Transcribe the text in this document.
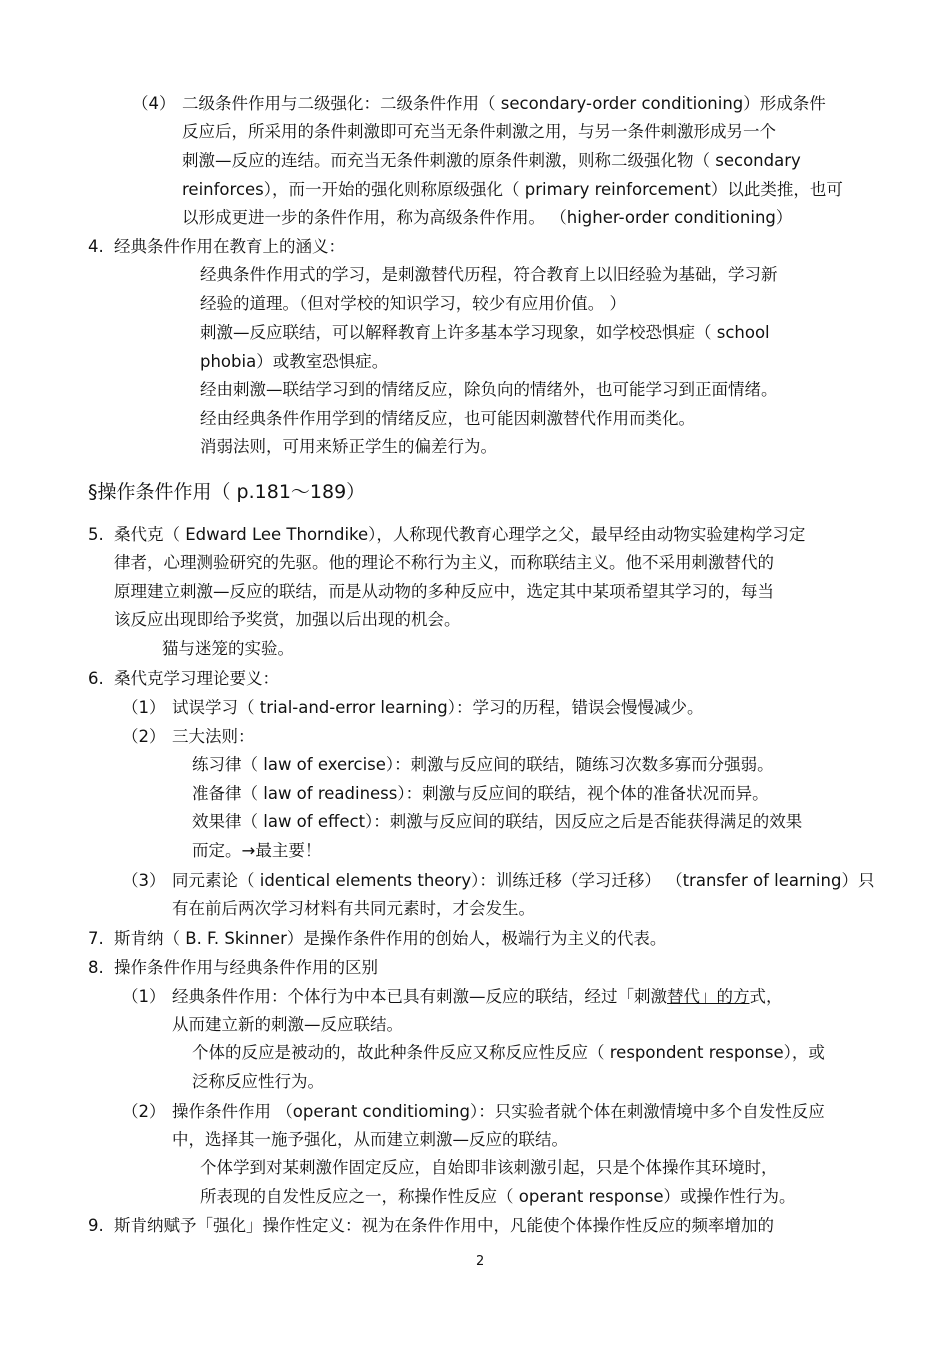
（4） 二级条件作用与二级强化：二级条件作用（ secondary-order conditioning）形成条件
反应后，所采用的条件刺激即可充当无条件刺激之用，与另一条件刺激形成另一个
刺激—反应的连结。而充当无条件刺激的原条件刺激，则称二级强化物（ secondary
reinforces），而一开始的强化则称原级强化（ primary reinforcement）以此类推，也可
以形成更进一步的条件作用，称为高级条件作用。 （higher-order conditioning）
4. 经典条件作用在教育上的涵义：
经典条件作用式的学习，是刺激替代历程，符合教育上以旧经验为基础，学习新
经验的道理。（但对学校的知识学习，较少有应用价值。 ）
刺激—反应联结，可以解释教育上许多基本学习现象，如学校恐惧症（ school
phobia）或教室恐惧症。
经由刺激—联结学习到的情绪反应，除负向的情绪外，也可能学习到正面情绪。
经由经典条件作用学到的情绪反应，也可能因刺激替代作用而类化。
消弱法则，可用来矫正学生的偏差行为。
§操作条件作用（ p.181～189）
5. 桑代克（ Edward Lee Thorndike），人称现代教育心理学之父，最早经由动物实验建构学习定
律者，心理测验研究的先驱。他的理论不称行为主义，而称联结主义。他不采用刺激替代的
原理建立刺激—反应的联结，而是从动物的多种反应中，选定其中某项希望其学习的，每当
该反应出现即给予奖赏，加强以后出现的机会。
猫与迷笼的实验。
6. 桑代克学习理论要义：
（1） 试误学习（ trial-and-error learning）：学习的历程，错误会慢慢减少。
（2） 三大法则：
练习律（ law of exercise）：刺激与反应间的联结，随练习次数多寡而分强弱。
准备律（ law of readiness）：刺激与反应间的联结，视个体的准备状况而异。
效果律（ law of effect）：刺激与反应间的联结，因反应之后是否能获得满足的效果
而定。→最主要！
（3） 同元素论（ identical elements theory）：训练迁移（学习迁移） （transfer of learning）只
有在前后两次学习材料有共同元素时，才会发生。
7. 斯肯纳（ B. F. Skinner）是操作条件作用的创始人，极端行为主义的代表。
8. 操作条件作用与经典条件作用的区别
（1） 经典条件作用：个体行为中本已具有刺激—反应的联结，经过「刺激替代」的方式，
从而建立新的刺激—反应联结。
个体的反应是被动的，故此种条件反应又称反应性反应（ respondent response），或
泛称反应性行为。
（2） 操作条件作用 （operant conditioming）：只实验者就个体在刺激情境中多个自发性反应
中，选择其一施予强化，从而建立刺激—反应的联结。
个体学到对某刺激作固定反应，自始即非该刺激引起，只是个体操作其环境时，
所表现的自发性反应之一，称操作性反应（ operant response）或操作性行为。
9. 斯肯纳赋予「强化」操作性定义：视为在条件作用中，凡能使个体操作性反应的频率增加的
2
